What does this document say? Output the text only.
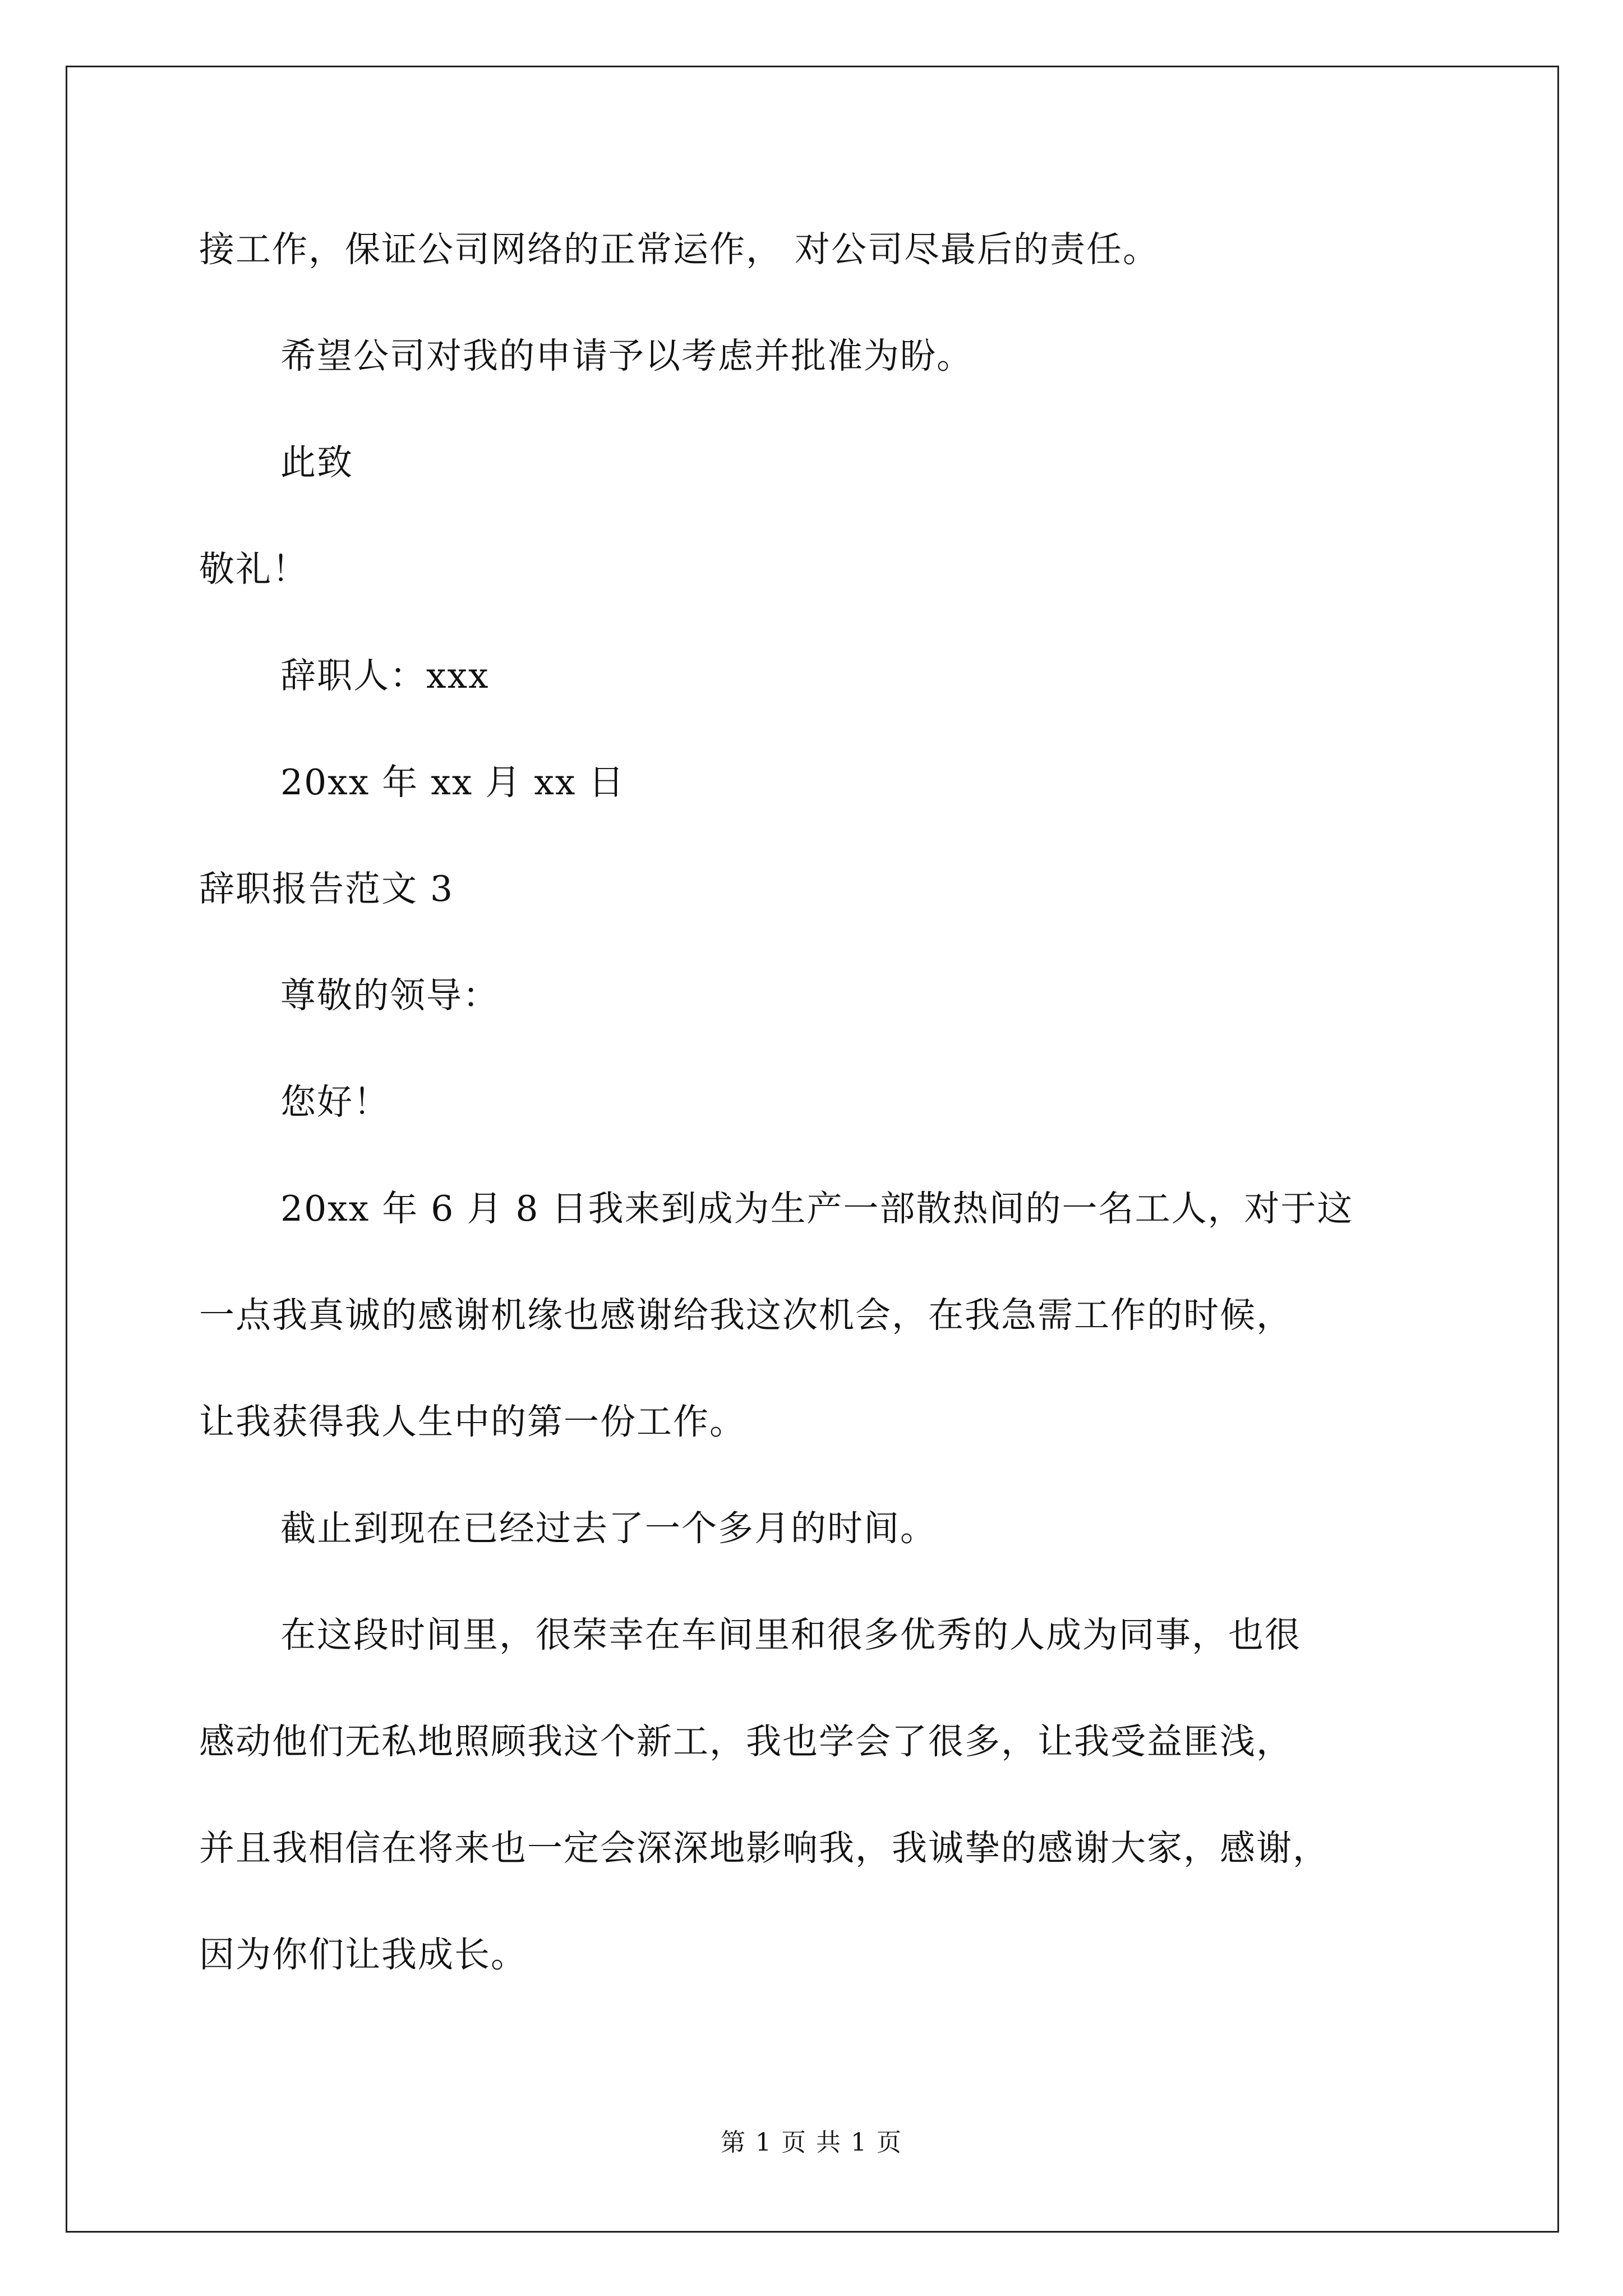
接工作，保证公司网络的正常运作， 对公司尽最后的责任。
希望公司对我的申请予以考虑并批准为盼。
此致
敬礼！
辞职人：xxx
20xx 年 xx 月 xx 日
辞职报告范文 3
尊敬的领导：
您好！
20xx 年 6 月 8 日我来到成为生产一部散热间的一名工人，对于这
一点我真诚的感谢机缘也感谢给我这次机会，在我急需工作的时候，
让我获得我人生中的第一份工作。
截止到现在已经过去了一个多月的时间。
在这段时间里，很荣幸在车间里和很多优秀的人成为同事，也很
感动他们无私地照顾我这个新工，我也学会了很多，让我受益匪浅，
并且我相信在将来也一定会深深地影响我，我诚挚的感谢大家，感谢，
因为你们让我成长。
第 1 页 共 1 页
